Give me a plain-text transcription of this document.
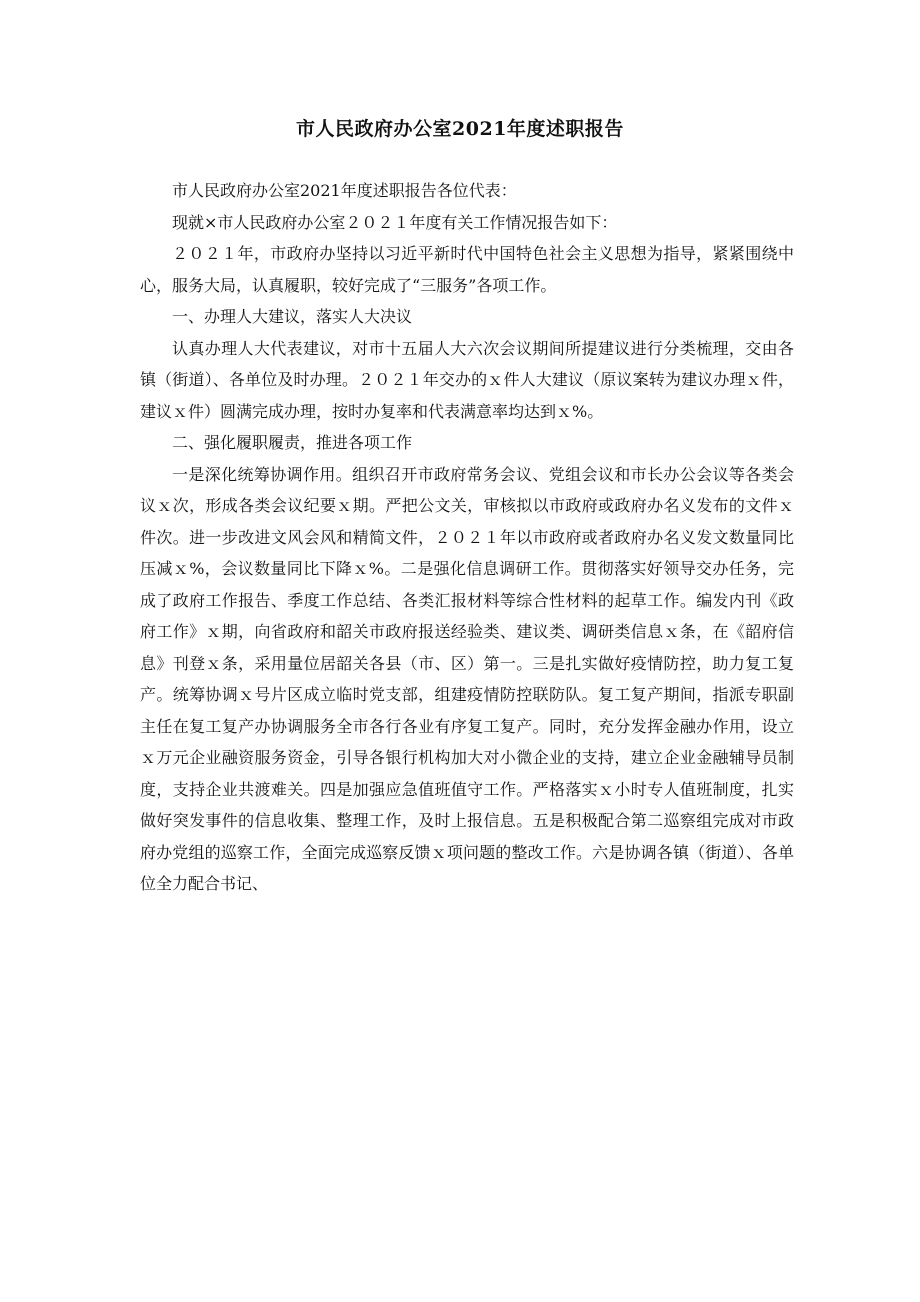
市人民政府办公室2021年度述职报告

市人民政府办公室2021年度述职报告各位代表：

现就×市人民政府办公室２０２１年度有关工作情况报告如下：

２０２１年，市政府办坚持以习近平新时代中国特色社会主义思想为指导，紧紧围绕中心，服务大局，认真履职，较好完成了“三服务”各项工作。

一、办理人大建议，落实人大决议

认真办理人大代表建议，对市十五届人大六次会议期间所提建议进行分类梳理，交由各镇（街道）、各单位及时办理。２０２１年交办的ｘ件人大建议（原议案转为建议办理ｘ件，建议ｘ件）圆满完成办理，按时办复率和代表满意率均达到ｘ%。

二、强化履职履责，推进各项工作

一是深化统筹协调作用。组织召开市政府常务会议、党组会议和市长办公会议等各类会议ｘ次，形成各类会议纪要ｘ期。严把公文关，审核拟以市政府或政府办名义发布的文件ｘ件次。进一步改进文风会风和精简文件，２０２１年以市政府或者政府办名义发文数量同比压减ｘ%，会议数量同比下降ｘ%。二是强化信息调研工作。贯彻落实好领导交办任务，完成了政府工作报告、季度工作总结、各类汇报材料等综合性材料的起草工作。编发内刊《政府工作》ｘ期，向省政府和韶关市政府报送经验类、建议类、调研类信息ｘ条，在《韶府信息》刊登ｘ条，采用量位居韶关各县（市、区）第一。三是扎实做好疫情防控，助力复工复产。统筹协调ｘ号片区成立临时党支部，组建疫情防控联防队。复工复产期间，指派专职副主任在复工复产办协调服务全市各行各业有序复工复产。同时，充分发挥金融办作用，设立ｘ万元企业融资服务资金，引导各银行机构加大对小微企业的支持，建立企业金融辅导员制度，支持企业共渡难关。四是加强应急值班值守工作。严格落实ｘ小时专人值班制度，扎实做好突发事件的信息收集、整理工作，及时上报信息。五是积极配合第二巡察组完成对市政府办党组的巡察工作，全面完成巡察反馈ｘ项问题的整改工作。六是协调各镇（街道）、各单位全力配合书记、
